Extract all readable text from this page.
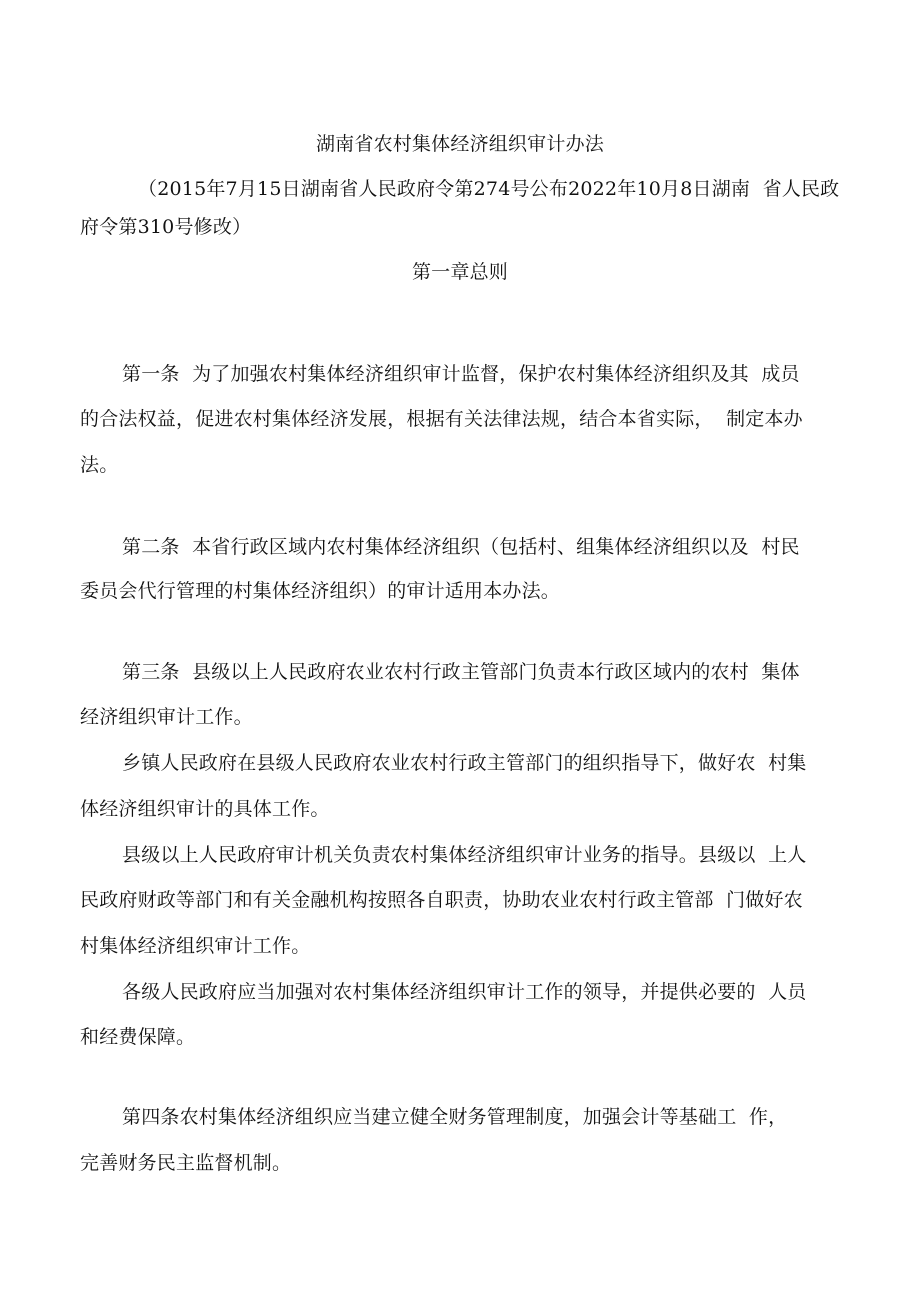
湖南省农村集体经济组织审计办法
（2015年7月15日湖南省人民政府令第274号公布2022年10月8日湖南  省人民政
府令第310号修改）
第一章总则
第一条  为了加强农村集体经济组织审计监督，保护农村集体经济组织及其  成员
的合法权益，促进农村集体经济发展，根据有关法律法规，结合本省实际，  制定本办
法。
第二条  本省行政区域内农村集体经济组织（包括村、组集体经济组织以及  村民
委员会代行管理的村集体经济组织）的审计适用本办法。
第三条  县级以上人民政府农业农村行政主管部门负责本行政区域内的农村  集体
经济组织审计工作。
乡镇人民政府在县级人民政府农业农村行政主管部门的组织指导下，做好农  村集
体经济组织审计的具体工作。
县级以上人民政府审计机关负责农村集体经济组织审计业务的指导。县级以  上人
民政府财政等部门和有关金融机构按照各自职责，协助农业农村行政主管部  门做好农
村集体经济组织审计工作。
各级人民政府应当加强对农村集体经济组织审计工作的领导，并提供必要的  人员
和经费保障。
第四条农村集体经济组织应当建立健全财务管理制度，加强会计等基础工  作，
完善财务民主监督机制。
